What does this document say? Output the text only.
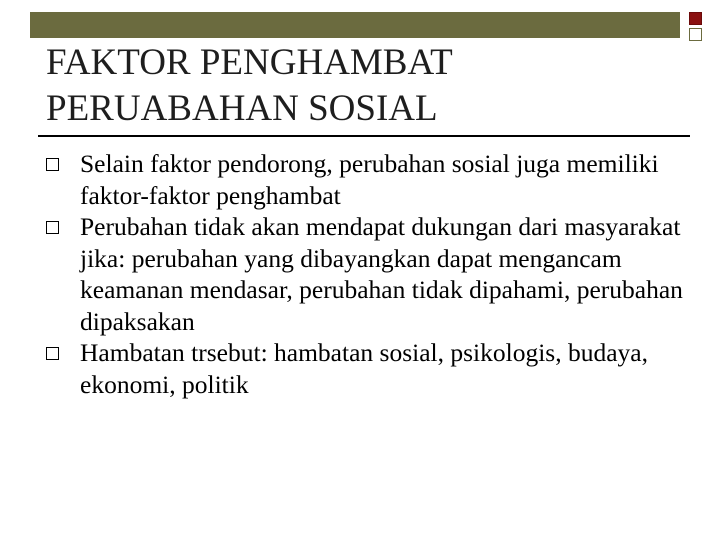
FAKTOR PENGHAMBAT
PERUABAHAN SOSIAL
Selain faktor pendorong, perubahan sosial juga memiliki faktor-faktor penghambat
Perubahan tidak akan mendapat dukungan dari masyarakat jika: perubahan yang dibayangkan dapat mengancam keamanan mendasar, perubahan tidak dipahami, perubahan dipaksakan
Hambatan trsebut: hambatan sosial, psikologis, budaya, ekonomi, politik
